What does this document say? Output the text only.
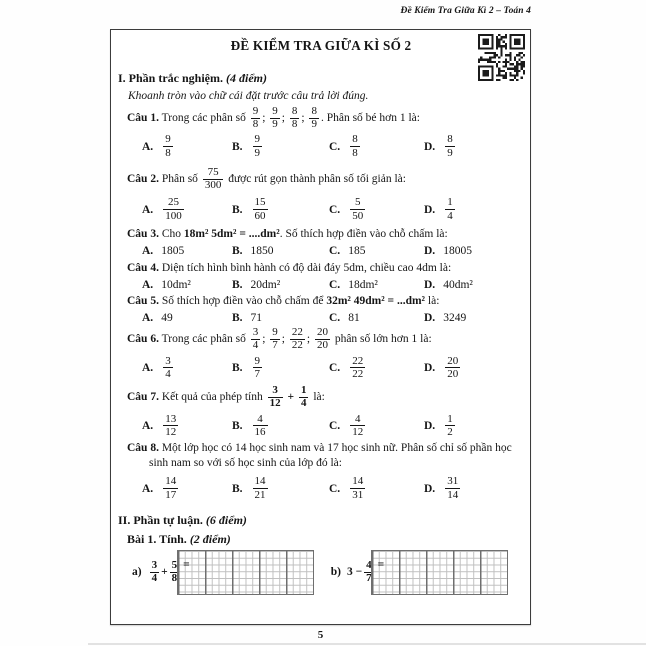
Đề Kiểm Tra Giữa Kì 2 – Toán 4
ĐỀ KIỂM TRA GIỮA KÌ SỐ 2
I. Phần trắc nghiệm. (4 điểm)
Khoanh tròn vào chữ cái đặt trước câu trả lời đúng.
Câu 1. Trong các phân số $\frac{9}{8}$ ; $\frac{9}{9}$ ; $\frac{8}{8}$ ; $\frac{8}{9}$ . Phân số bé hơn 1 là:
A. $\frac{9}{8}$	B. $\frac{9}{9}$	C. $\frac{8}{8}$	D. $\frac{8}{9}$
Câu 2. Phân số $\frac{75}{300}$ được rút gọn thành phân số tối giản là:
A. $\frac{25}{100}$	B. $\frac{15}{60}$	C. $\frac{5}{50}$	D. $\frac{1}{4}$
Câu 3. Cho 18m² 5dm² = ....dm². Số thích hợp điền vào chỗ chấm là:
A. 1805	B. 1850	C. 185	D. 18005
Câu 4. Diện tích hình bình hành có độ dài đáy 5dm, chiều cao 4dm là:
A. 10dm²	B. 20dm²	C. 18dm²	D. 40dm²
Câu 5. Số thích hợp điền vào chỗ chấm để 32m² 49dm² = ...dm² là:
A. 49	B. 71	C. 81	D. 3249
Câu 6. Trong các phân số $\frac{3}{4}$ ; $\frac{9}{7}$ ; $\frac{22}{22}$ ; $\frac{20}{20}$ phân số lớn hơn 1 là:
A. $\frac{3}{4}$	B. $\frac{9}{7}$	C. $\frac{22}{22}$	D. $\frac{20}{20}$
Câu 7. Kết quả của phép tính $\frac{3}{12} + \frac{1}{4}$ là:
A. $\frac{13}{12}$	B. $\frac{4}{16}$	C. $\frac{4}{12}$	D. $\frac{1}{2}$
Câu 8. Một lớp học có 14 học sinh nam và 17 học sinh nữ. Phân số chỉ số phần học sinh nam so với số học sinh của lớp đó là:
A. $\frac{14}{17}$	B. $\frac{14}{21}$	C. $\frac{14}{31}$	D. $\frac{31}{14}$
II. Phần tự luận. (6 điểm)
Bài 1. Tính. (2 điểm)
$a) \frac{3}{4} + \frac{5}{8}$ =
b) $3 - \frac{4}{7}$ =
5
